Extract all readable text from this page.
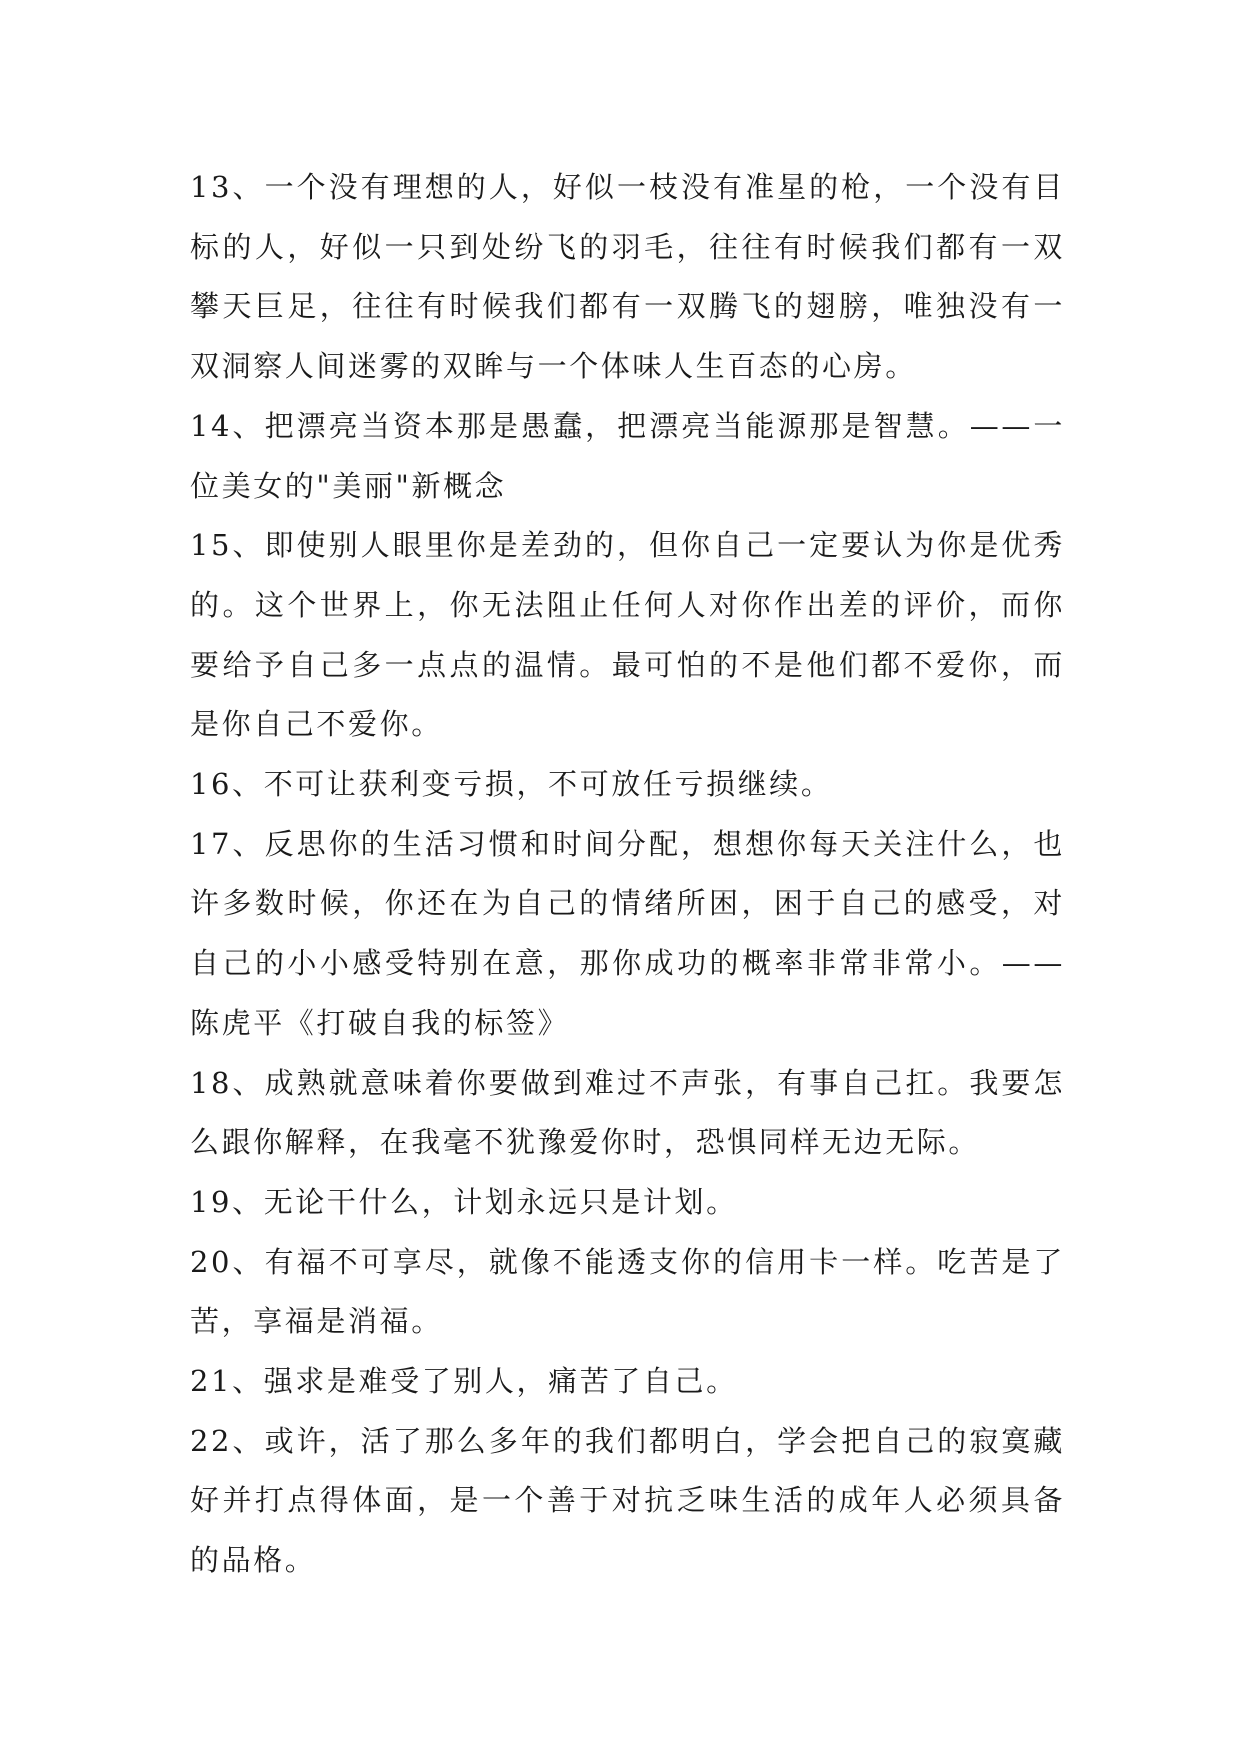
13、一个没有理想的人，好似一枝没有准星的枪，一个没有目标的人，好似一只到处纷飞的羽毛，往往有时候我们都有一双攀天巨足，往往有时候我们都有一双腾飞的翅膀，唯独没有一双洞察人间迷雾的双眸与一个体味人生百态的心房。

14、把漂亮当资本那是愚蠢，把漂亮当能源那是智慧。——一位美女的"美丽"新概念

15、即使别人眼里你是差劲的，但你自己一定要认为你是优秀的。这个世界上，你无法阻止任何人对你作出差的评价，而你要给予自己多一点点的温情。最可怕的不是他们都不爱你，而是你自己不爱你。

16、不可让获利变亏损，不可放任亏损继续。

17、反思你的生活习惯和时间分配，想想你每天关注什么，也许多数时候，你还在为自己的情绪所困，困于自己的感受，对自己的小小感受特别在意，那你成功的概率非常非常小。——陈虎平《打破自我的标签》

18、成熟就意味着你要做到难过不声张，有事自己扛。我要怎么跟你解释，在我毫不犹豫爱你时，恐惧同样无边无际。

19、无论干什么，计划永远只是计划。

20、有福不可享尽，就像不能透支你的信用卡一样。吃苦是了苦，享福是消福。

21、强求是难受了别人，痛苦了自己。

22、或许，活了那么多年的我们都明白，学会把自己的寂寞藏好并打点得体面，是一个善于对抗乏味生活的成年人必须具备的品格。
